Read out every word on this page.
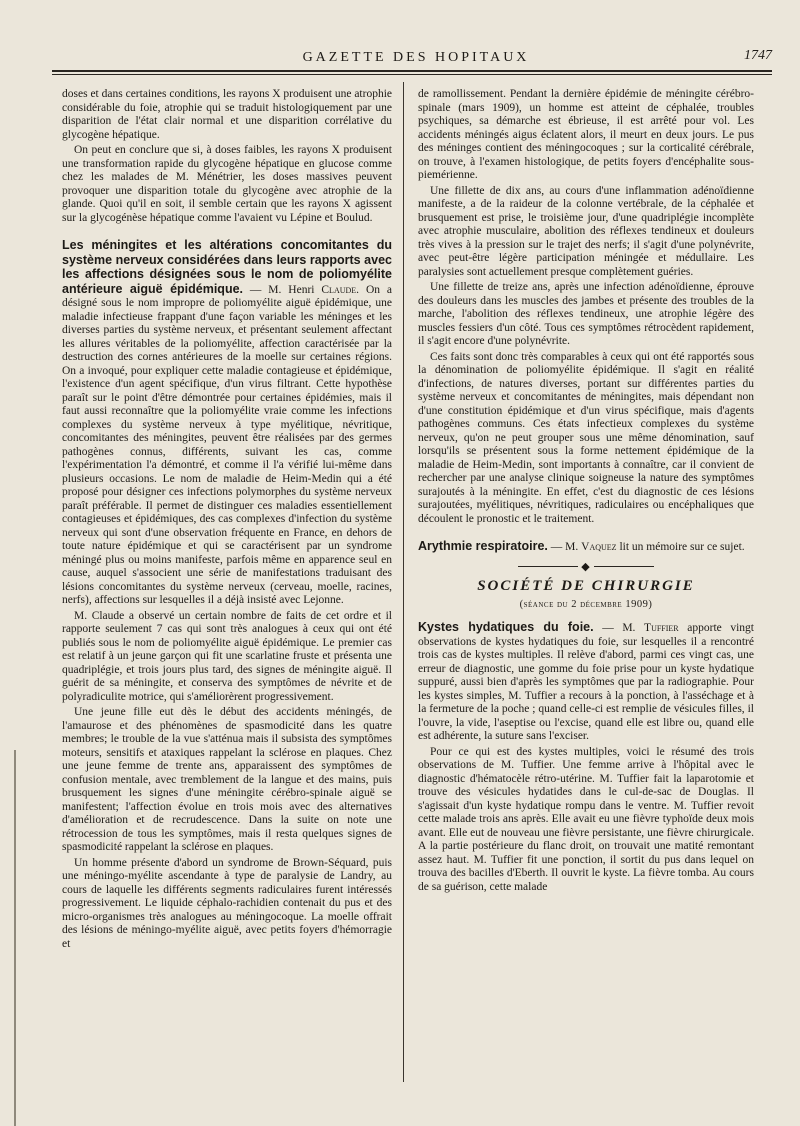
GAZETTE DES HOPITAUX	1747

doses et dans certaines conditions, les rayons X produisent une atrophie considérable du foie, atrophie qui se traduit histologiquement par une disparition de l'état clair normal et une disparition corrélative du glycogène hépatique.

On peut en conclure que si, à doses faibles, les rayons X produisent une transformation rapide du glycogène hépatique en glucose comme chez les malades de M. Ménétrier, les doses massives peuvent provoquer une disparition totale du glycogène avec atrophie de la glande. Quoi qu'il en soit, il semble certain que les rayons X agissent sur la glycogénèse hépatique comme l'avaient vu Lépine et Boulud.

Les méningites et les altérations concomitantes du système nerveux considérées dans leurs rapports avec les affections désignées sous le nom de poliomyélite antérieure aiguë épidémique. — M. Henri Claude. On a désigné sous le nom impropre de poliomyélite aiguë épidémique, une maladie infectieuse frappant d'une façon variable les méninges et les diverses parties du système nerveux, et présentant seulement affectant les allures véritables de la poliomyélite, affection caractérisée par la destruction des cornes antérieures de la moelle sur certaines régions. On a invoqué, pour expliquer cette maladie contagieuse et épidémique, l'existence d'un agent spécifique, d'un virus filtrant. Cette hypothèse paraît sur le point d'être démontrée pour certaines épidémies, mais il faut aussi reconnaître que la poliomyélite vraie comme les infections complexes du système nerveux à type myélitique, névritique, concomitantes des méningites, peuvent être réalisées par des germes pathogènes connus, différents, suivant les cas, comme l'expérimentation l'a démontré, et comme il l'a vérifié lui-même dans plusieurs occasions. Le nom de maladie de Heim-Medin qui a été proposé pour désigner ces infections polymorphes du système nerveux paraît préférable. Il permet de distinguer ces maladies essentiellement contagieuses et épidémiques, des cas complexes d'infection du système nerveux qui sont d'une observation fréquente en France, en dehors de toute nature épidémique et qui se caractérisent par un syndrome méningé plus ou moins manifeste, parfois même en apparence seul en cause, auquel s'associent une série de manifestations traduisant des lésions concomitantes du système nerveux (cerveau, moelle, racines, nerfs), affections sur lesquelles il a déjà insisté avec Lejonne.

M. Claude a observé un certain nombre de faits de cet ordre et il rapporte seulement 7 cas qui sont très analogues à ceux qui ont été publiés sous le nom de poliomyélite aiguë épidémique. Le premier cas est relatif à un jeune garçon qui fit une scarlatine fruste et présenta une quadriplégie, et trois jours plus tard, des signes de méningite aiguë. Il guérit de sa méningite, et conserva des symptômes de névrite et de polyradiculite motrice, qui s'améliorèrent progressivement.

Une jeune fille eut dès le début des accidents méningés, de l'amaurose et des phénomènes de spasmodicité dans les quatre membres; le trouble de la vue s'atténua mais il subsista des symptômes moteurs, sensitifs et ataxiques rappelant la sclérose en plaques. Chez une jeune femme de trente ans, apparaissent des symptômes de confusion mentale, avec tremblement de la langue et des mains, puis brusquement les signes d'une méningite cérébro-spinale aiguë se manifestent; l'affection évolue en trois mois avec des alternatives d'amélioration et de recrudescence. Dans la suite on note une rétrocession de tous les symptômes, mais il resta quelques signes de spasmodicité rappelant la sclérose en plaques.

Un homme présente d'abord un syndrome de Brown-Séquard, puis une méningo-myélite ascendante à type de paralysie de Landry, au cours de laquelle les différents segments radiculaires furent intéressés progressivement. Le liquide céphalo-rachidien contenait du pus et des micro-organismes très analogues au méningocoque. La moelle offrait des lésions de méningo-myélite aiguë, avec petits foyers d'hémorragie et

de ramollissement. Pendant la dernière épidémie de méningite cérébro-spinale (mars 1909), un homme est atteint de céphalée, troubles psychiques, sa démarche est ébrieuse, il est arrêté pour vol. Les accidents méningés aigus éclatent alors, il meurt en deux jours. Le pus des méninges contient des méningocoques ; sur la corticalité cérébrale, on trouve, à l'examen histologique, de petits foyers d'encéphalite sous-piemérienne.

Une fillette de dix ans, au cours d'une inflammation adénoïdienne manifeste, a de la raideur de la colonne vertébrale, de la céphalée et brusquement est prise, le troisième jour, d'une quadriplégie incomplète avec atrophie musculaire, abolition des réflexes tendineux et douleurs très vives à la pression sur le trajet des nerfs; il s'agit d'une polynévrite, avec peut-être légère participation méningée et médullaire. Les paralysies sont actuellement presque complètement guéries.

Une fillette de treize ans, après une infection adénoïdienne, éprouve des douleurs dans les muscles des jambes et présente des troubles de la marche, l'abolition des réflexes tendineux, une atrophie légère des muscles fessiers d'un côté. Tous ces symptômes rétrocèdent rapidement, il s'agit encore d'une polynévrite.

Ces faits sont donc très comparables à ceux qui ont été rapportés sous la dénomination de poliomyélite épidémique. Il s'agit en réalité d'infections, de natures diverses, portant sur différentes parties du système nerveux et concomitantes de méningites, mais dépendant non d'une constitution épidémique et d'un virus spécifique, mais d'agents pathogènes communs. Ces états infectieux complexes du système nerveux, qu'on ne peut grouper sous une même dénomination, sauf lorsqu'ils se présentent sous la forme nettement épidémique de la maladie de Heim-Medin, sont importants à connaître, car il convient de rechercher par une analyse clinique soigneuse la nature des symptômes surajoutés à la méningite. En effet, c'est du diagnostic de ces lésions surajoutées, myélitiques, névritiques, radiculaires ou encéphaliques que découlent le pronostic et le traitement.

Arythmie respiratoire. — M. Vaquez lit un mémoire sur ce sujet.

◆
SOCIÉTÉ DE CHIRURGIE
(séance du 2 décembre 1909)

Kystes hydatiques du foie. — M. Tuffier apporte vingt observations de kystes hydatiques du foie, sur lesquelles il a rencontré trois cas de kystes multiples. Il relève d'abord, parmi ces vingt cas, une erreur de diagnostic, une gomme du foie prise pour un kyste hydatique suppuré, aussi bien d'après les symptômes que par la radiographie. Pour les kystes simples, M. Tuffier a recours à la ponction, à l'asséchage et à la fermeture de la poche ; quand celle-ci est remplie de vésicules filles, il l'ouvre, la vide, l'aseptise ou l'excise, quand elle est libre ou, quand elle est adhérente, la suture sans l'exciser.

Pour ce qui est des kystes multiples, voici le résumé des trois observations de M. Tuffier. Une femme arrive à l'hôpital avec le diagnostic d'hématocèle rétro-utérine. M. Tuffier fait la laparotomie et trouve des vésicules hydatides dans le cul-de-sac de Douglas. Il s'agissait d'un kyste hydatique rompu dans le ventre. M. Tuffier revoit cette malade trois ans après. Elle avait eu une fièvre typhoïde deux mois avant. Elle eut de nouveau une fièvre persistante, une fièvre chirurgicale. A la partie postérieure du flanc droit, on trouvait une matité remontant assez haut. M. Tuffier fit une ponction, il sortit du pus dans lequel on trouva des bacilles d'Eberth. Il ouvrit le kyste. La fièvre tomba. Au cours de sa guérison, cette malade
